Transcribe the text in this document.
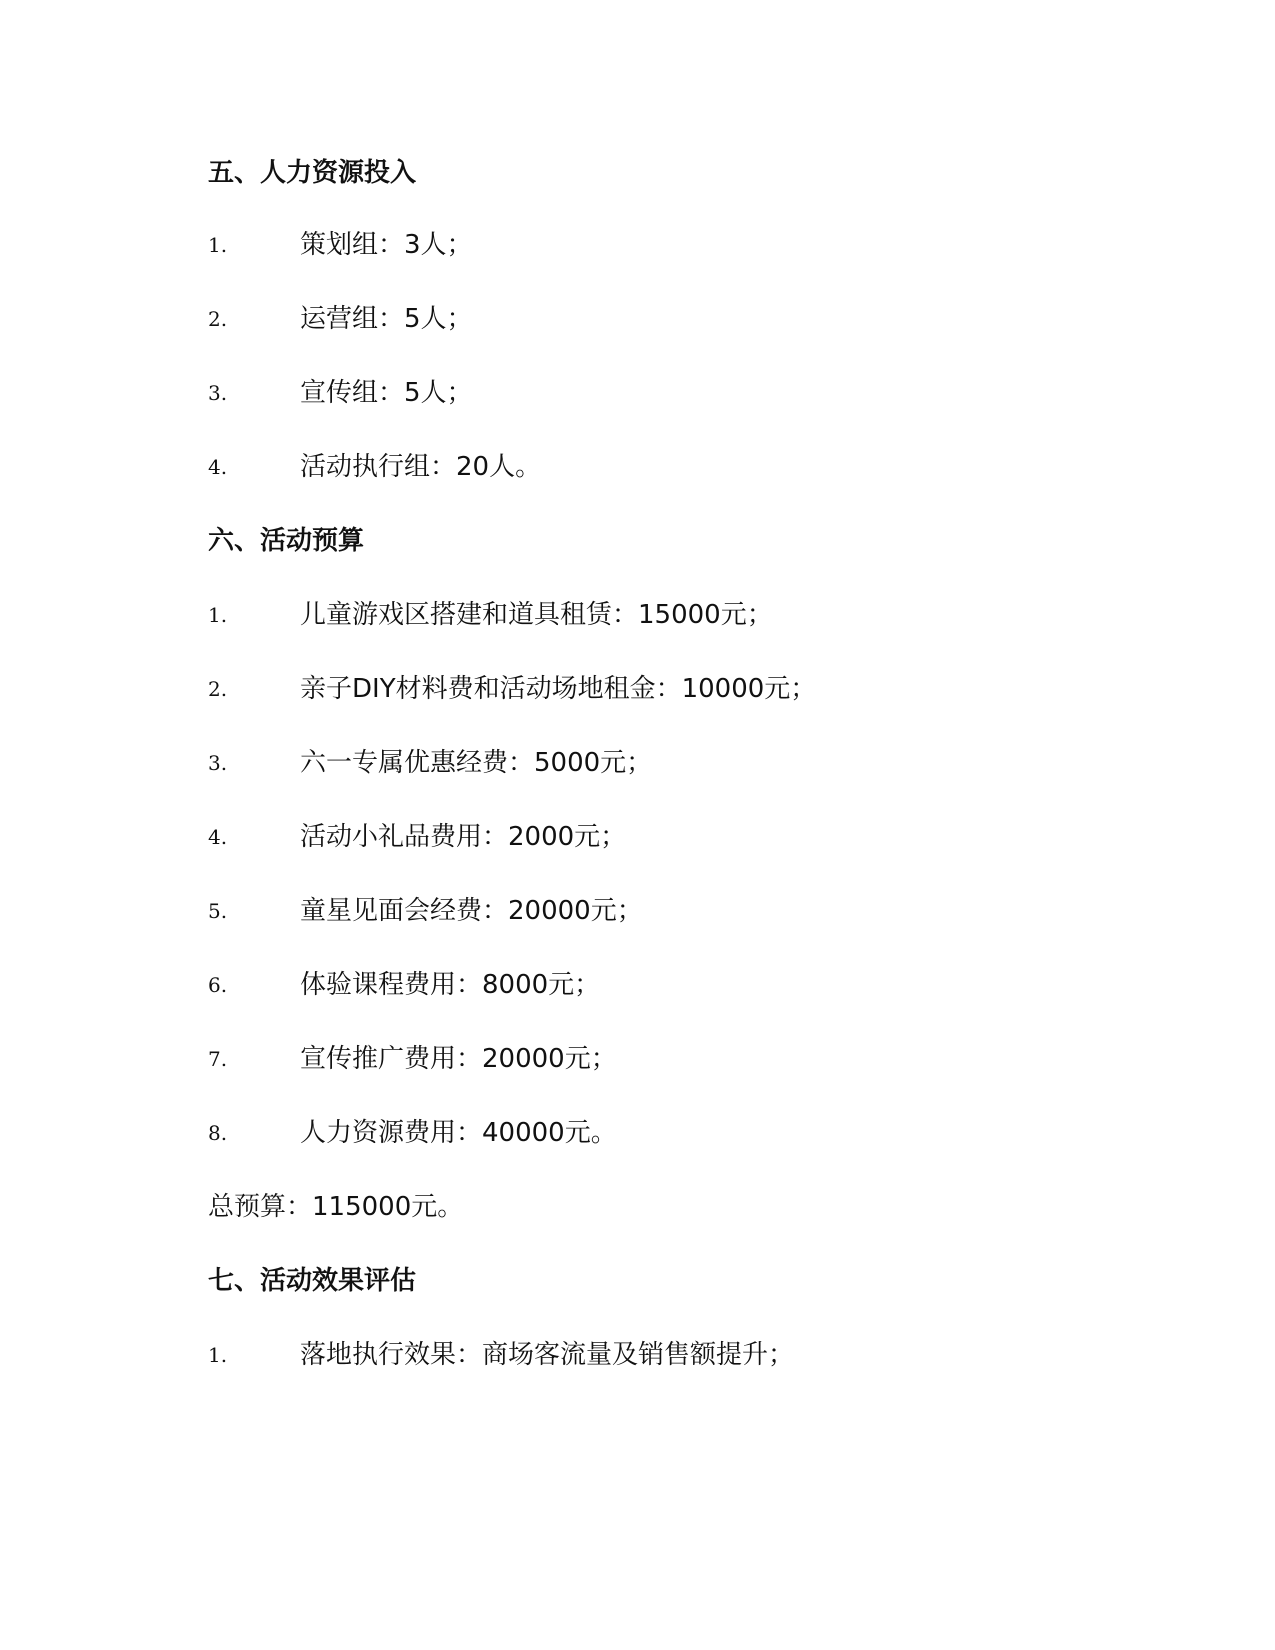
五、人力资源投入
1.	策划组：3人；
2.	运营组：5人；
3.	宣传组：5人；
4.	活动执行组：20人。
六、活动预算
1.	儿童游戏区搭建和道具租赁：15000元；
2.	亲子DIY材料费和活动场地租金：10000元；
3.	六一专属优惠经费：5000元；
4.	活动小礼品费用：2000元；
5.	童星见面会经费：20000元；
6.	体验课程费用：8000元；
7.	宣传推广费用：20000元；
8.	人力资源费用：40000元。
总预算：115000元。
七、活动效果评估
1.	落地执行效果：商场客流量及销售额提升；
